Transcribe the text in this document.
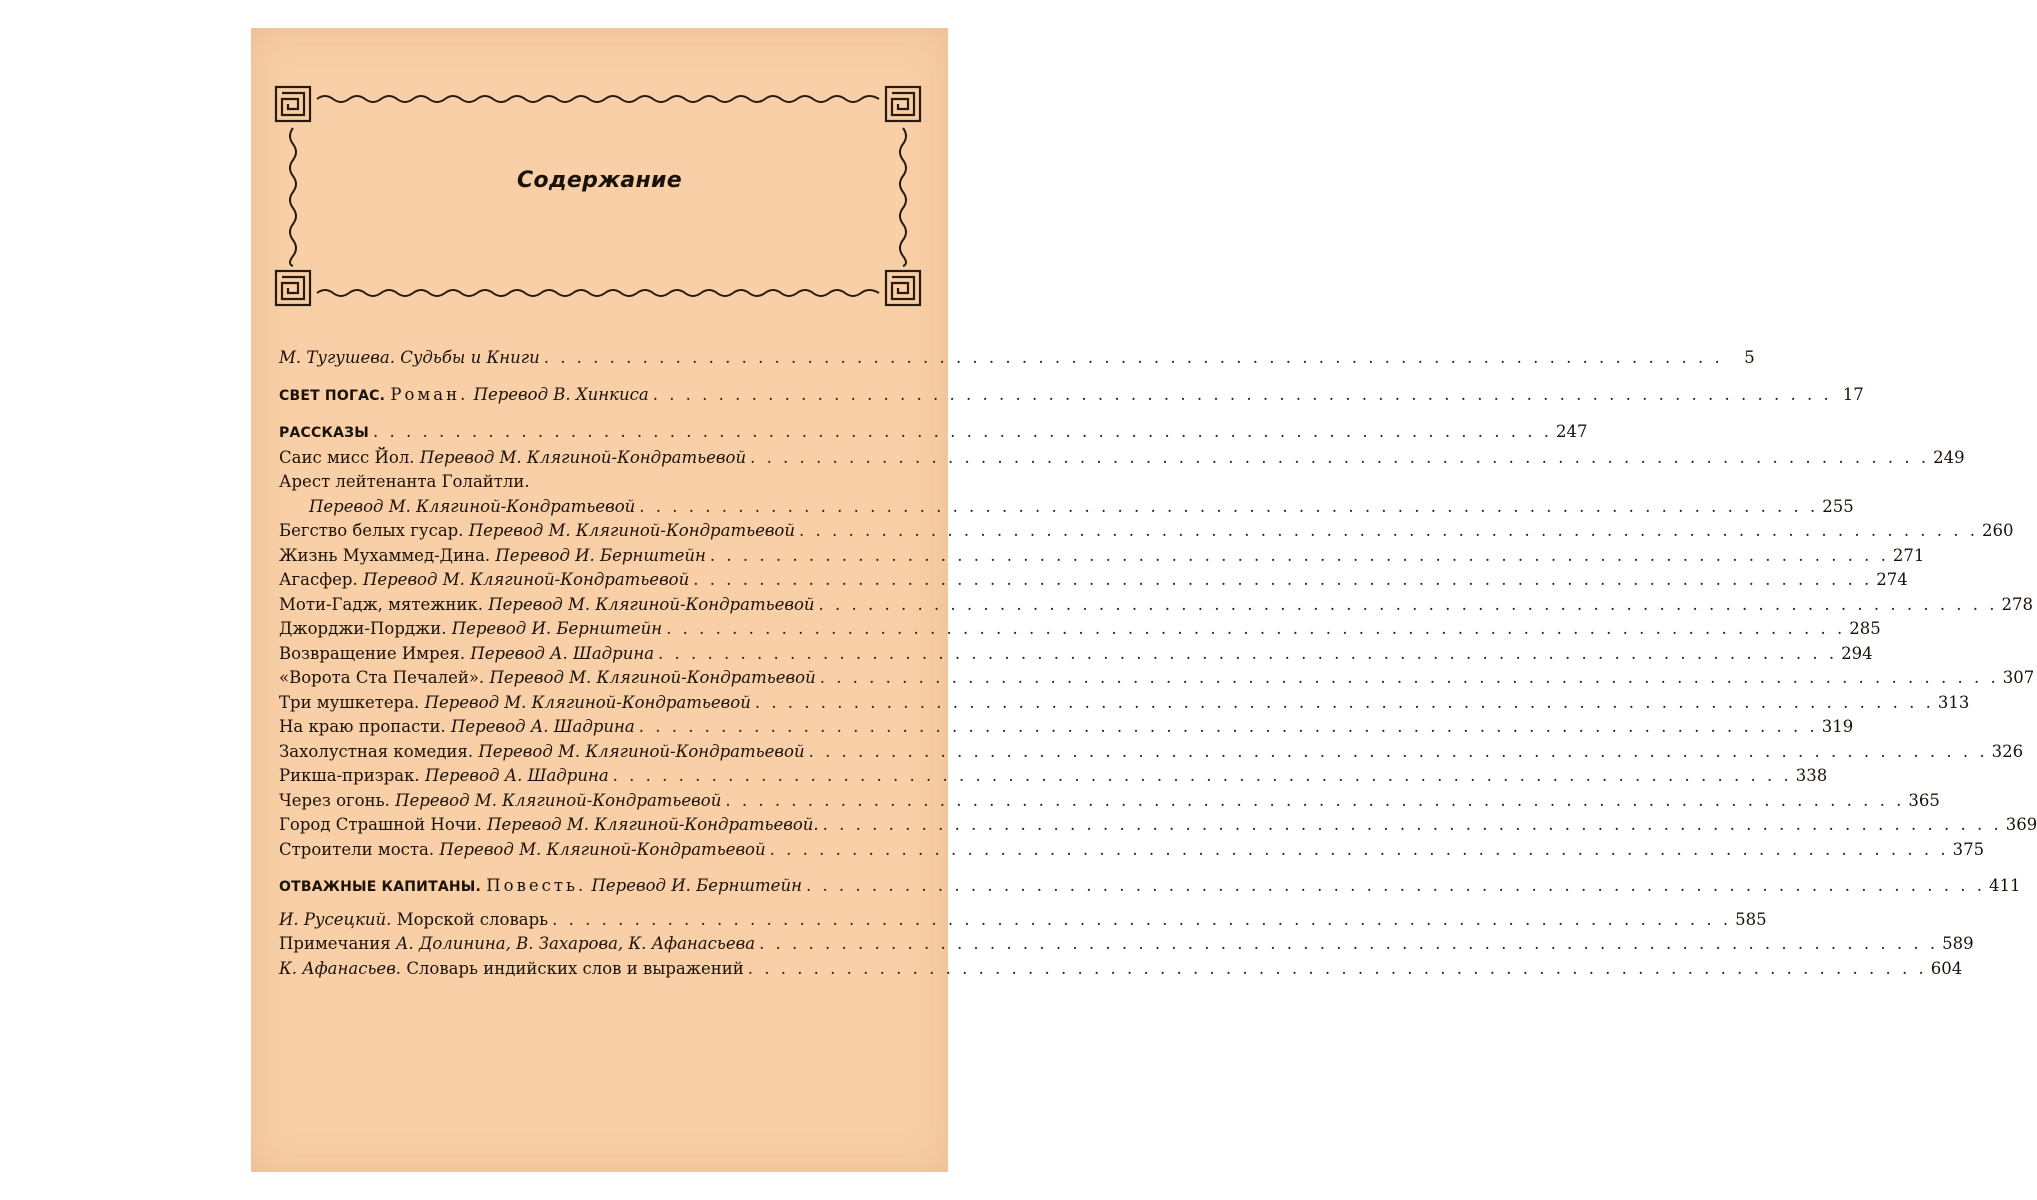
Содержание
М. Тугушева. Судьбы и Книги . . .	5
СВЕТ ПОГАС. Роман. Перевод В. Хинкиса . . .	17
РАССКАЗЫ . . .	247
Саис мисс Йол. Перевод М. Клягиной-Кондратьевой . . .	249
Арест лейтенанта Голайтли.
Перевод М. Клягиной-Кондратьевой . . .	255
Бегство белых гусар. Перевод М. Клягиной-Кондратьевой . . .	260
Жизнь Мухаммед-Дина. Перевод И. Бернштейн . . .	271
Агасфер. Перевод М. Клягиной-Кондратьевой . . .	274
Моти-Гадж, мятежник. Перевод М. Клягиной-Кондратьевой . . .	278
Джорджи-Порджи. Перевод И. Бернштейн . . .	285
Возвращение Имрея. Перевод А. Шадрина . . .	294
«Ворота Ста Печалей». Перевод М. Клягиной-Кондратьевой . . .	307
Три мушкетера. Перевод М. Клягиной-Кондратьевой . . .	313
На краю пропасти. Перевод А. Шадрина . . .	319
Захолустная комедия. Перевод М. Клягиной-Кондратьевой . . .	326
Рикша-призрак. Перевод А. Шадрина . . .	338
Через огонь. Перевод М. Клягиной-Кондратьевой . . .	365
Город Страшной Ночи. Перевод М. Клягиной-Кондратьевой. . . .	369
Строители моста. Перевод М. Клягиной-Кондратьевой . . .	375
ОТВАЖНЫЕ КАПИТАНЫ. Повесть. Перевод И. Бернштейн . . .	411
И. Русецкий. Морской словарь . . .	585
Примечания А. Долинина, В. Захарова, К. Афанасьева . . .	589
К. Афанасьев. Словарь индийских слов и выражений . . .	604
